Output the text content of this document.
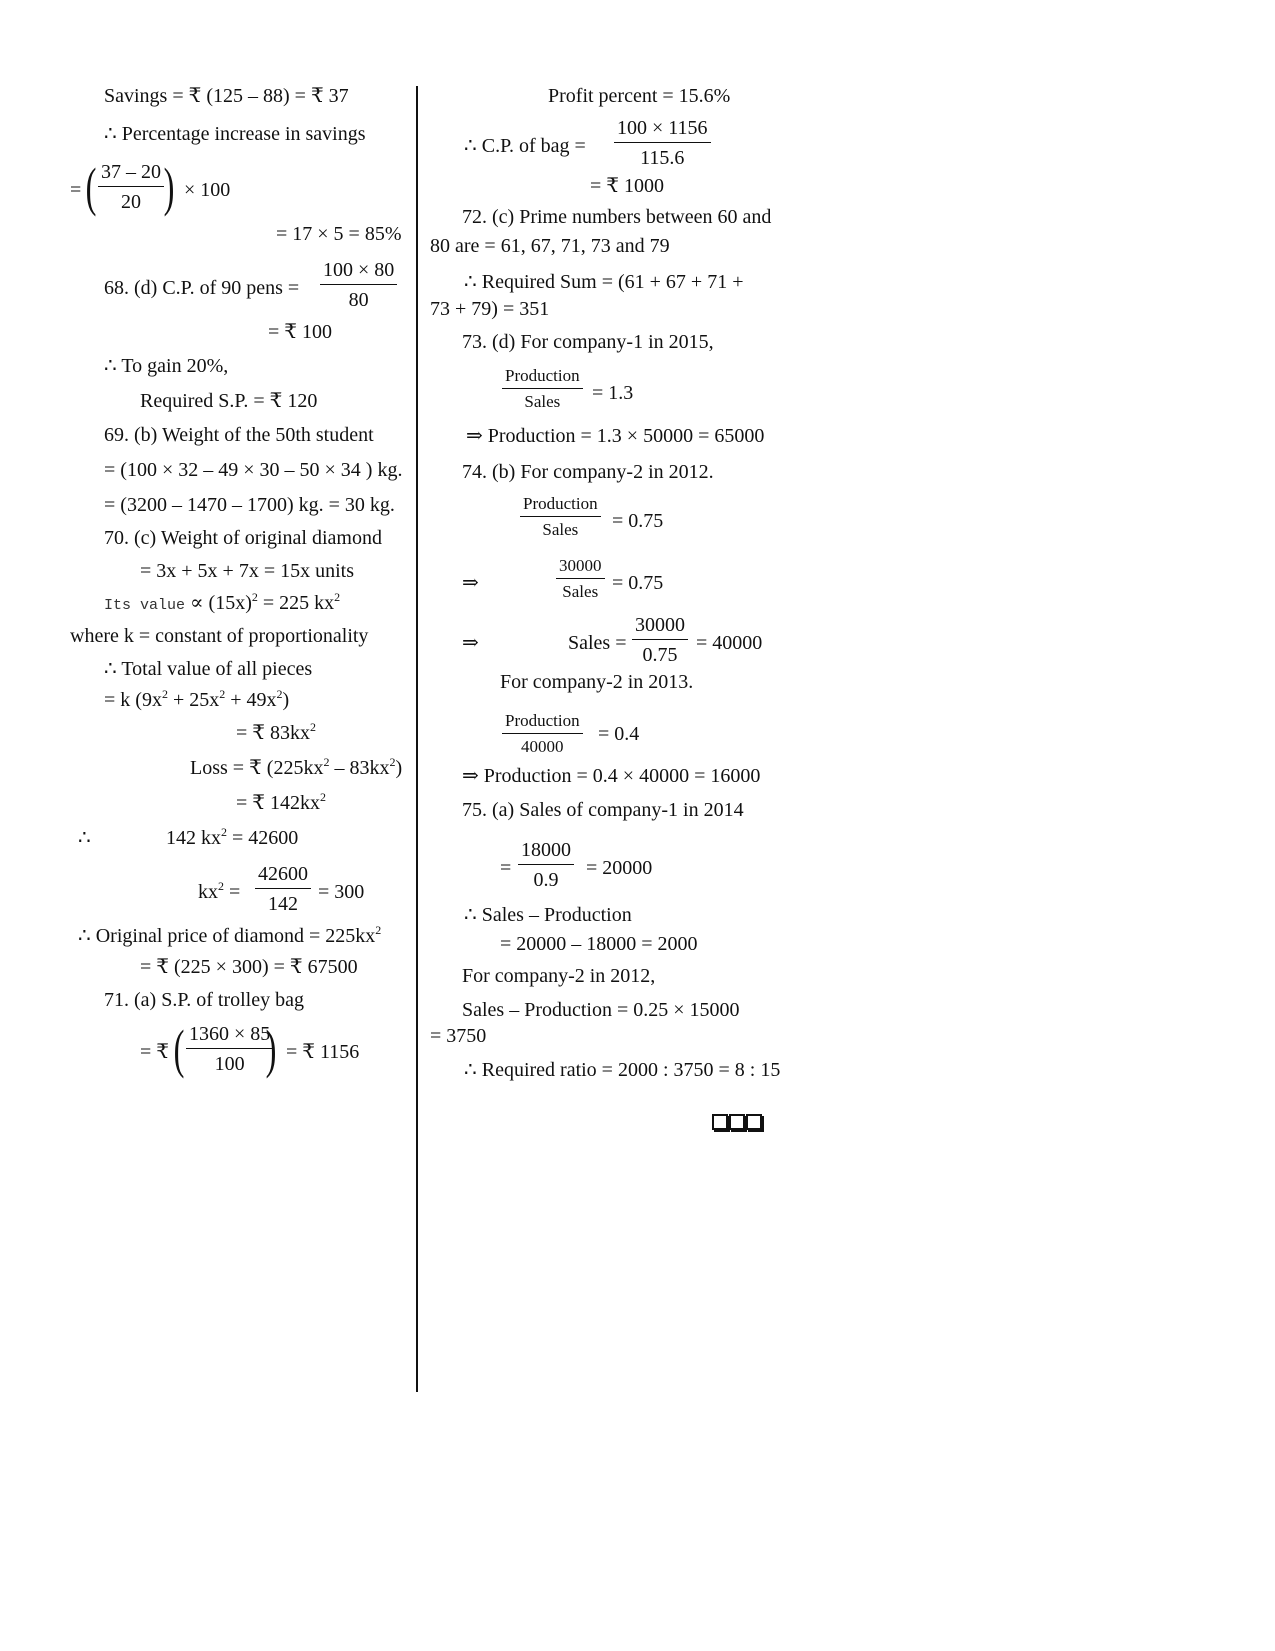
Savings = ₹ (125 – 88) = ₹ 37
∴ Percentage increase in savings
= ( $\frac{37 - 20}{20}$ ) × 100
= 17 × 5 = 85%
68. (d) C.P. of 90 pens = $\frac{100 \times 80}{80}$
= ₹ 100
∴ To gain 20%,
Required S.P. = ₹ 120
69. (b) Weight of the 50th student
= (100 × 32 – 49 × 30 – 50 × 34 ) kg.
= (3200 – 1470 – 1700) kg. = 30 kg.
70. (c) Weight of original diamond
= 3x + 5x + 7x = 15x units
Its value ∝ $(15x)^2 = 225$ $kx^2$
where k = constant of proportionality
∴ Total value of all pieces
= k $(9x^2 + 25x^2 + 49x^2)$
= ₹ $83kx^2$
Loss = ₹ $(225kx^2 - 83kx^2)$
= ₹ $142kx^2$
∴	142 $kx^2 = 42600$
$kx^2 = \frac{42600}{142} = 300$
∴ Original price of diamond = $225kx^2$
= ₹ (225 × 300) = ₹ 67500
71. (a) S.P. of trolley bag
= ₹ ( $\frac{1360 \times 85}{100}$
) = ₹ 1156
Profit percent = 15.6%
∴ C.P. of bag = $\frac{100 \times 1156}{115.6}$
= ₹ 1000
72. (c) Prime numbers between 60 and
80 are = 61, 67, 71, 73 and 79
∴ Required Sum = (61 + 67 + 71 +
73 + 79) = 351
73. (d) For company-1 in 2015,
Production
Sales	= 1.3
⇒ Production = 1.3 × 50000 = 65000
74. (b) For company-2 in 2012.
Production
Sales	= 0.75
⇒
30000
Sales = 0.75
⇒	Sales = $\frac{30000}{0.75} = 40000$
For company-2 in 2013.
Production
40000
= 0.4
⇒ Production = 0.4 × 40000 = 16000
75. (a) Sales of company-1 in 2014
= $\frac{18000}{0.9} = 20000$
∴ Sales – Production
= 20000 – 18000 = 2000
For company-2 in 2012,
Sales – Production = 0.25 × 15000
= 3750
∴ Required ratio = 2000 : 3750 = 8 : 15
